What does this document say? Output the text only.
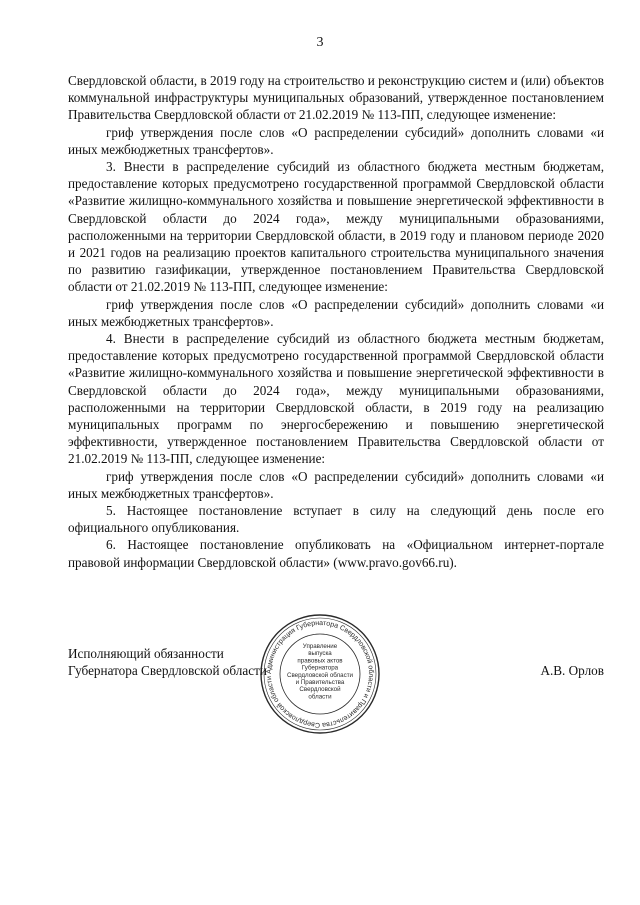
3

Свердловской области, в 2019 году на строительство и реконструкцию систем и (или) объектов коммунальной инфраструктуры муниципальных образований, утвержденное постановлением Правительства Свердловской области от 21.02.2019 № 113-ПП, следующее изменение:

гриф утверждения после слов «О распределении субсидий» дополнить словами «и иных межбюджетных трансфертов».

3. Внести в распределение субсидий из областного бюджета местным бюджетам, предоставление которых предусмотрено государственной программой Свердловской области «Развитие жилищно-коммунального хозяйства и повышение энергетической эффективности в Свердловской области до 2024 года», между муниципальными образованиями, расположенными на территории Свердловской области, в 2019 году и плановом периоде 2020 и 2021 годов на реализацию проектов капитального строительства муниципального значения по развитию газификации, утвержденное постановлением Правительства Свердловской области от 21.02.2019 № 113-ПП, следующее изменение:

гриф утверждения после слов «О распределении субсидий» дополнить словами «и иных межбюджетных трансфертов».

4. Внести в распределение субсидий из областного бюджета местным бюджетам, предоставление которых предусмотрено государственной программой Свердловской области «Развитие жилищно-коммунального хозяйства и повышение энергетической эффективности в Свердловской области до 2024 года», между муниципальными образованиями, расположенными на территории Свердловской области, в 2019 году на реализацию муниципальных программ по энергосбережению и повышению энергетической эффективности, утвержденное постановлением Правительства Свердловской области от 21.02.2019 № 113-ПП, следующее изменение:

гриф утверждения после слов «О распределении субсидий» дополнить словами «и иных межбюджетных трансфертов».

5. Настоящее постановление вступает в силу на следующий день после его официального опубликования.

6. Настоящее постановление опубликовать на «Официальном интернет-портале правовой информации Свердловской области» (www.pravo.gov66.ru).

Исполняющий обязанности
Губернатора Свердловской области	А.В. Орлов
Администрация Губернатора Свердловской области и Правительства Свердловской области
Управление
выпуска
правовых актов
Губернатора
Свердловской области
и Правительства
Свердловской
области
